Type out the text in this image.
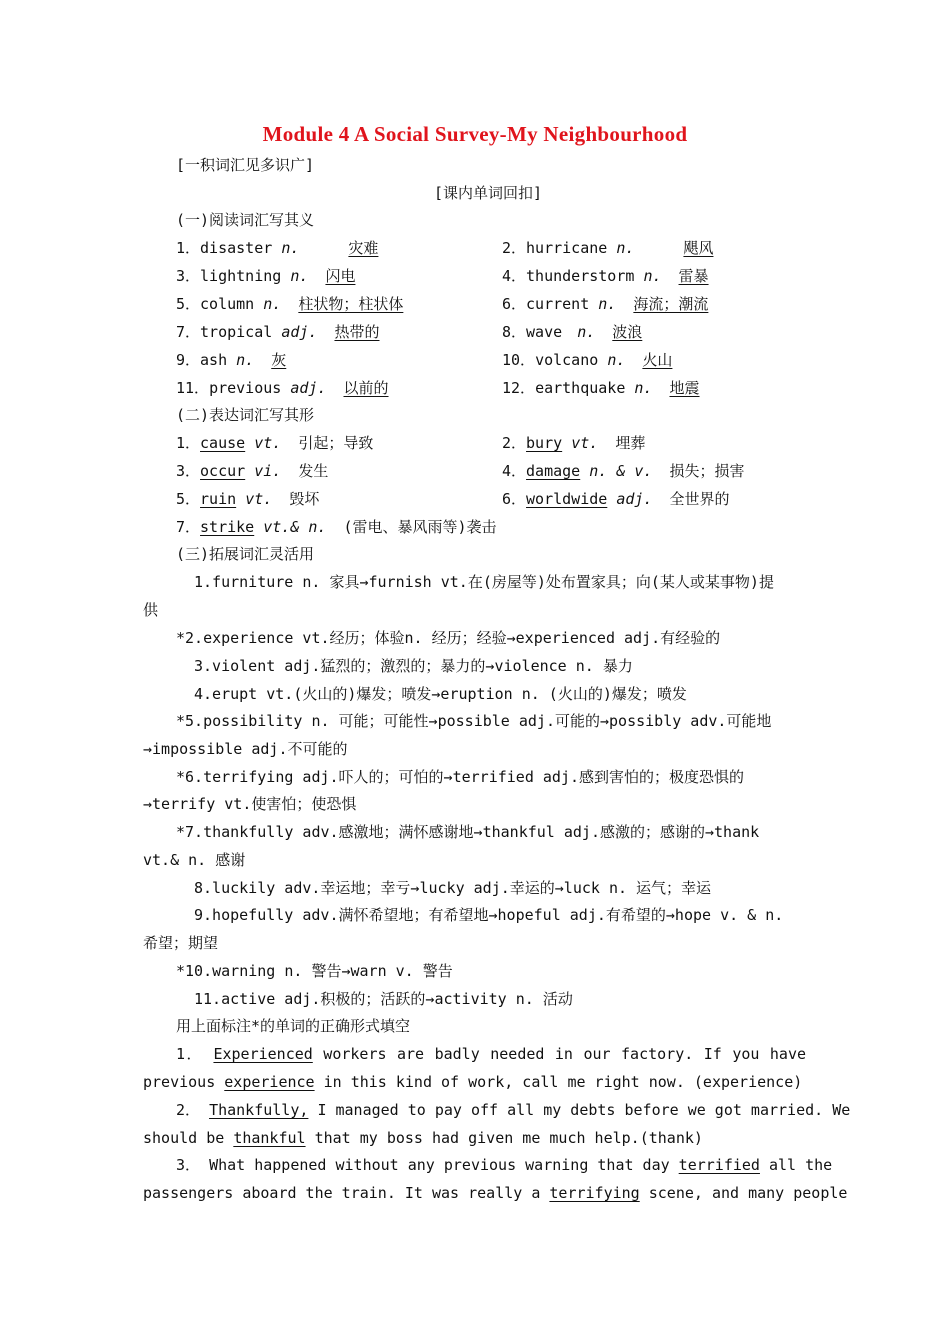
Module 4 A Social Survey-My Neighbourhood
[一积词汇见多识广]
[课内单词回扣]
(一)阅读词汇写其义
1．disaster n.	灾难	2．hurricane n.	飓风
3．lightning n. 闪电	4．thunderstorm n. 雷暴
5．column n. 柱状物；柱状体	6．current n. 海流；潮流
7．tropical adj. 热带的	8．wave n. 波浪
9．ash n. 灰	10．volcano n. 火山
11．previous adj. 以前的	12．earthquake n. 地震
(二)表达词汇写其形
1．cause vt. 引起；导致	2．bury vt. 埋葬
3．occur vi. 发生	4．damage n. & v. 损失；损害
5．ruin vt. 毁坏	6．worldwide adj. 全世界的
7．strike vt.& n. (雷电、暴风雨等)袭击
(三)拓展词汇灵活用
1.furniture n. 家具→furnish vt.在(房屋等)处布置家具；向(某人或某事物)提
供
*2.experience vt.经历；体验n. 经历；经验→experienced adj.有经验的
3.violent adj.猛烈的；激烈的；暴力的→violence n. 暴力
4.erupt vt.(火山的)爆发；喷发→eruption n. (火山的)爆发；喷发
*5.possibility n. 可能；可能性→possible adj.可能的→possibly adv.可能地
→impossible adj.不可能的
*6.terrifying adj.吓人的；可怕的→terrified adj.感到害怕的；极度恐惧的
→terrify vt.使害怕；使恐惧
*7.thankfully adv.感激地；满怀感谢地→thankful adj.感激的；感谢的→thank
vt.& n. 感谢
8.luckily adv.幸运地；幸亏→lucky adj.幸运的→luck n. 运气；幸运
9.hopefully adv.满怀希望地；有希望地→hopeful adj.有希望的→hope v. & n.
希望；期望
*10.warning n. 警告→warn v. 警告
11.active adj.积极的；活跃的→activity n. 活动
用上面标注*的单词的正确形式填空
1． Experienced workers are badly needed in our factory. If you have
previous experience in this kind of work, call me right now. (experience)
2． Thankfully, I managed to pay off all my debts before we got married. We
should be thankful that my boss had given me much help.(thank)
3． What happened without any previous warning that day terrified all the
passengers aboard the train. It was really a terrifying scene, and many people
